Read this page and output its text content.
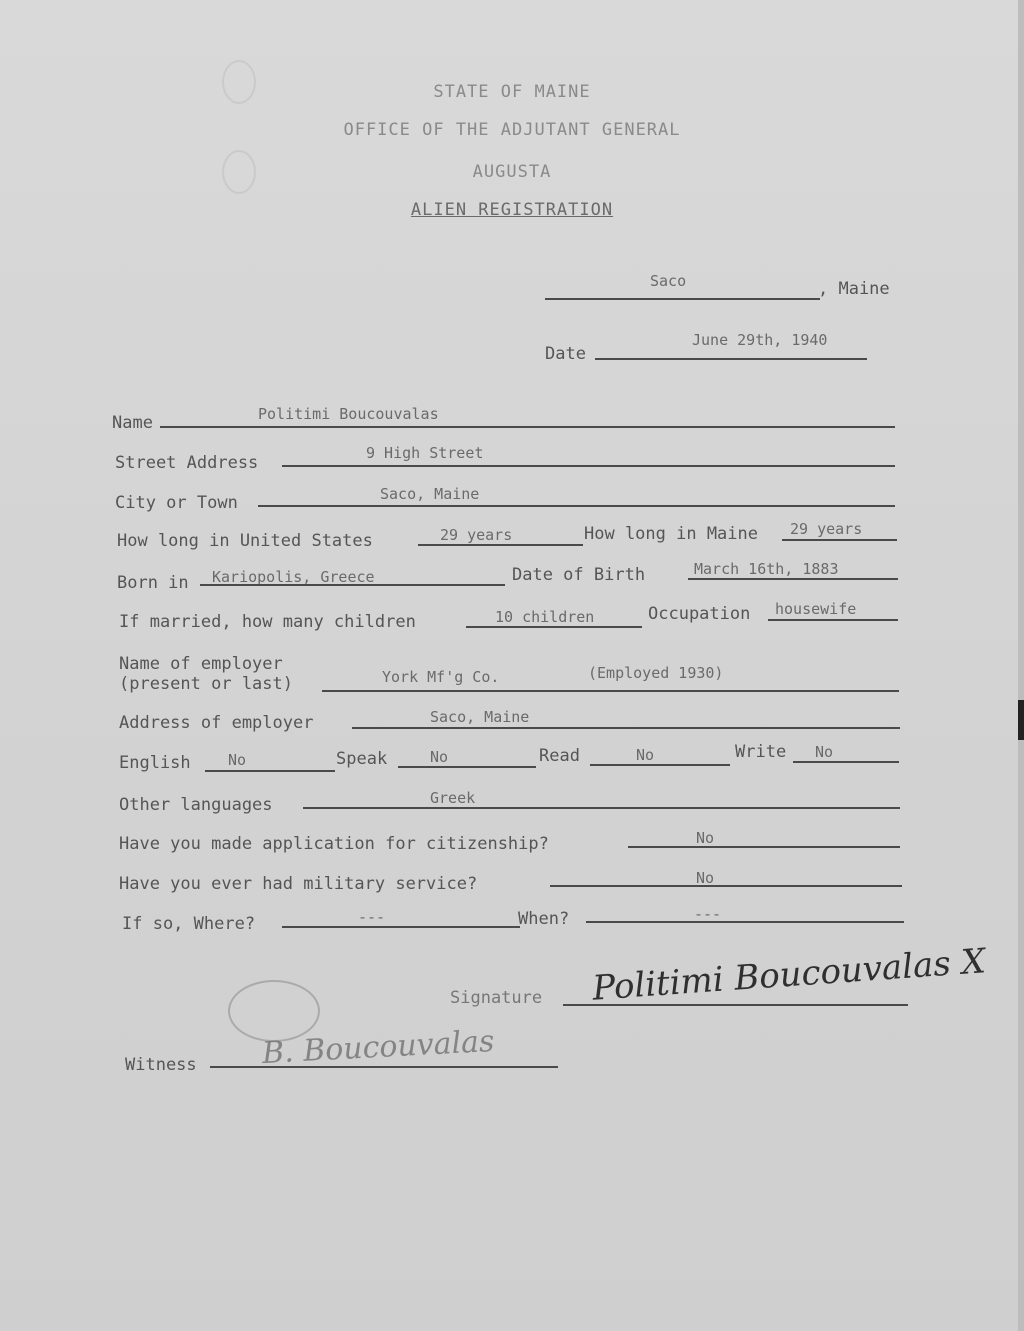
STATE OF MAINE
OFFICE OF THE ADJUTANT GENERAL
AUGUSTA
ALIEN REGISTRATION
Saco	, Maine
Date
June 29th, 1940
Name	Politimi Boucouvalas
Street Address	9 High Street
City or Town	Saco, Maine
How long in United States	29 years	How long in Maine 29 years
Born in Kariopolis, Greece	Date of Birth	March 16th, 1883
If married, how many children	10 children	Occupation housewife
Name of employer
(present or last)	York Mf'g Co.	(Employed 1930)
Address of employer	Saco, Maine
English No	Speak	No	Read	No	Write No
Other languages	Greek
Have you made application for citizenship?	No
Have you ever had military service?	No
If so, Where?	---	When?	---
Signature Politimi Boucouvalas X
Witness B. Boucouvalas
